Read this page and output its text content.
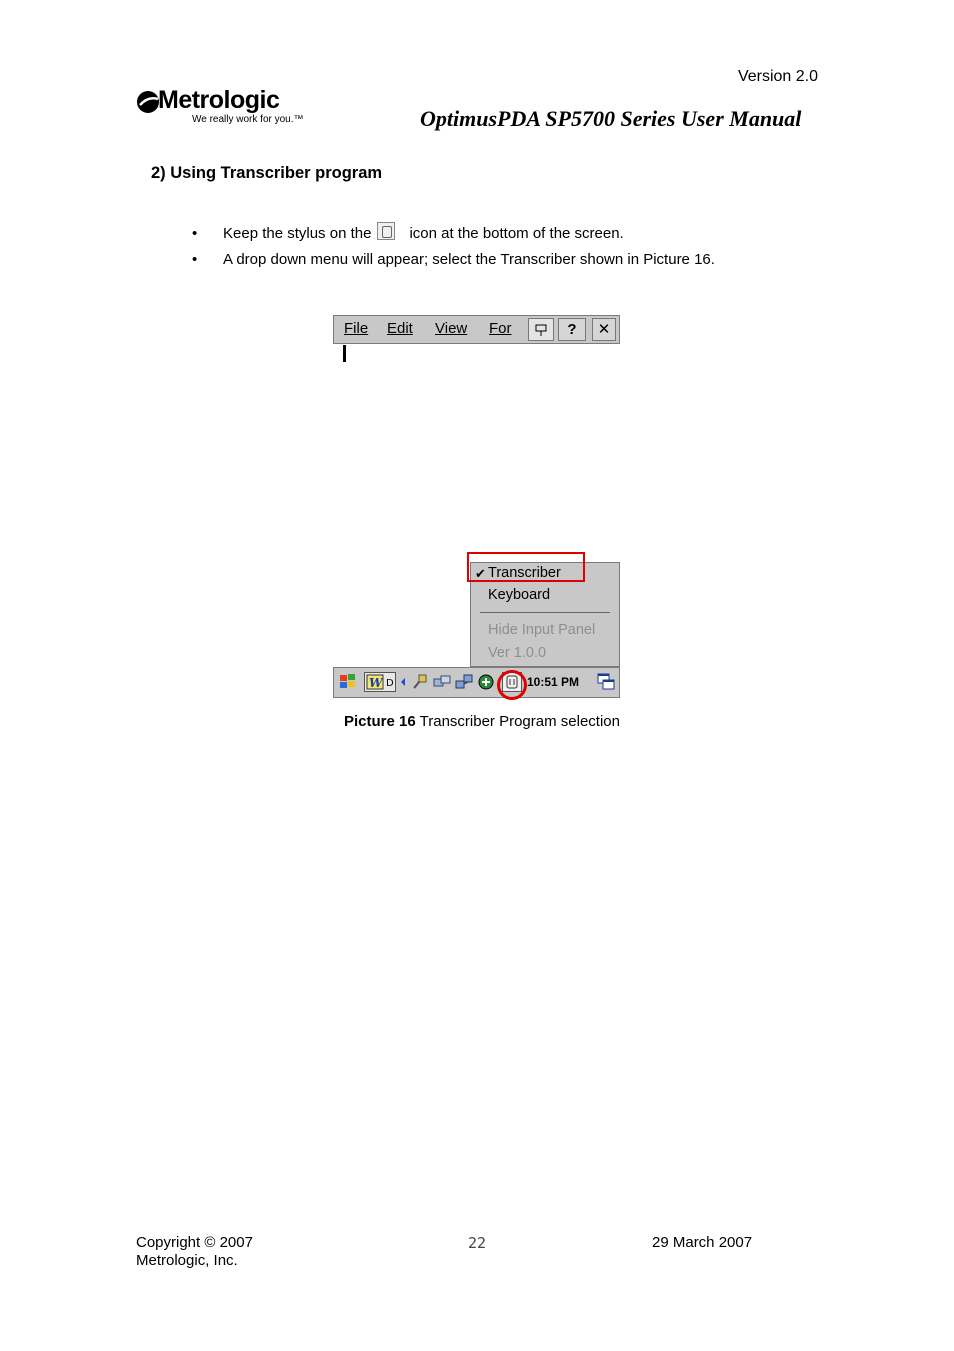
Version 2.0
Metrologic
We really work for you.™	OptimusPDA SP5700 Series User Manual
2) Using Transcriber program
• Keep the stylus on the	icon at the bottom of the screen.
• A drop down menu will appear; select the Transcriber shown in Picture 16.
File Edit View For	?	✕
✔ Transcriber
Keyboard
Hide Input Panel
Ver 1.0.0
W D	10:51 PM
Picture 16 Transcriber Program selection
Copyright © 2007
Metrologic, Inc.
22	29 March 2007
